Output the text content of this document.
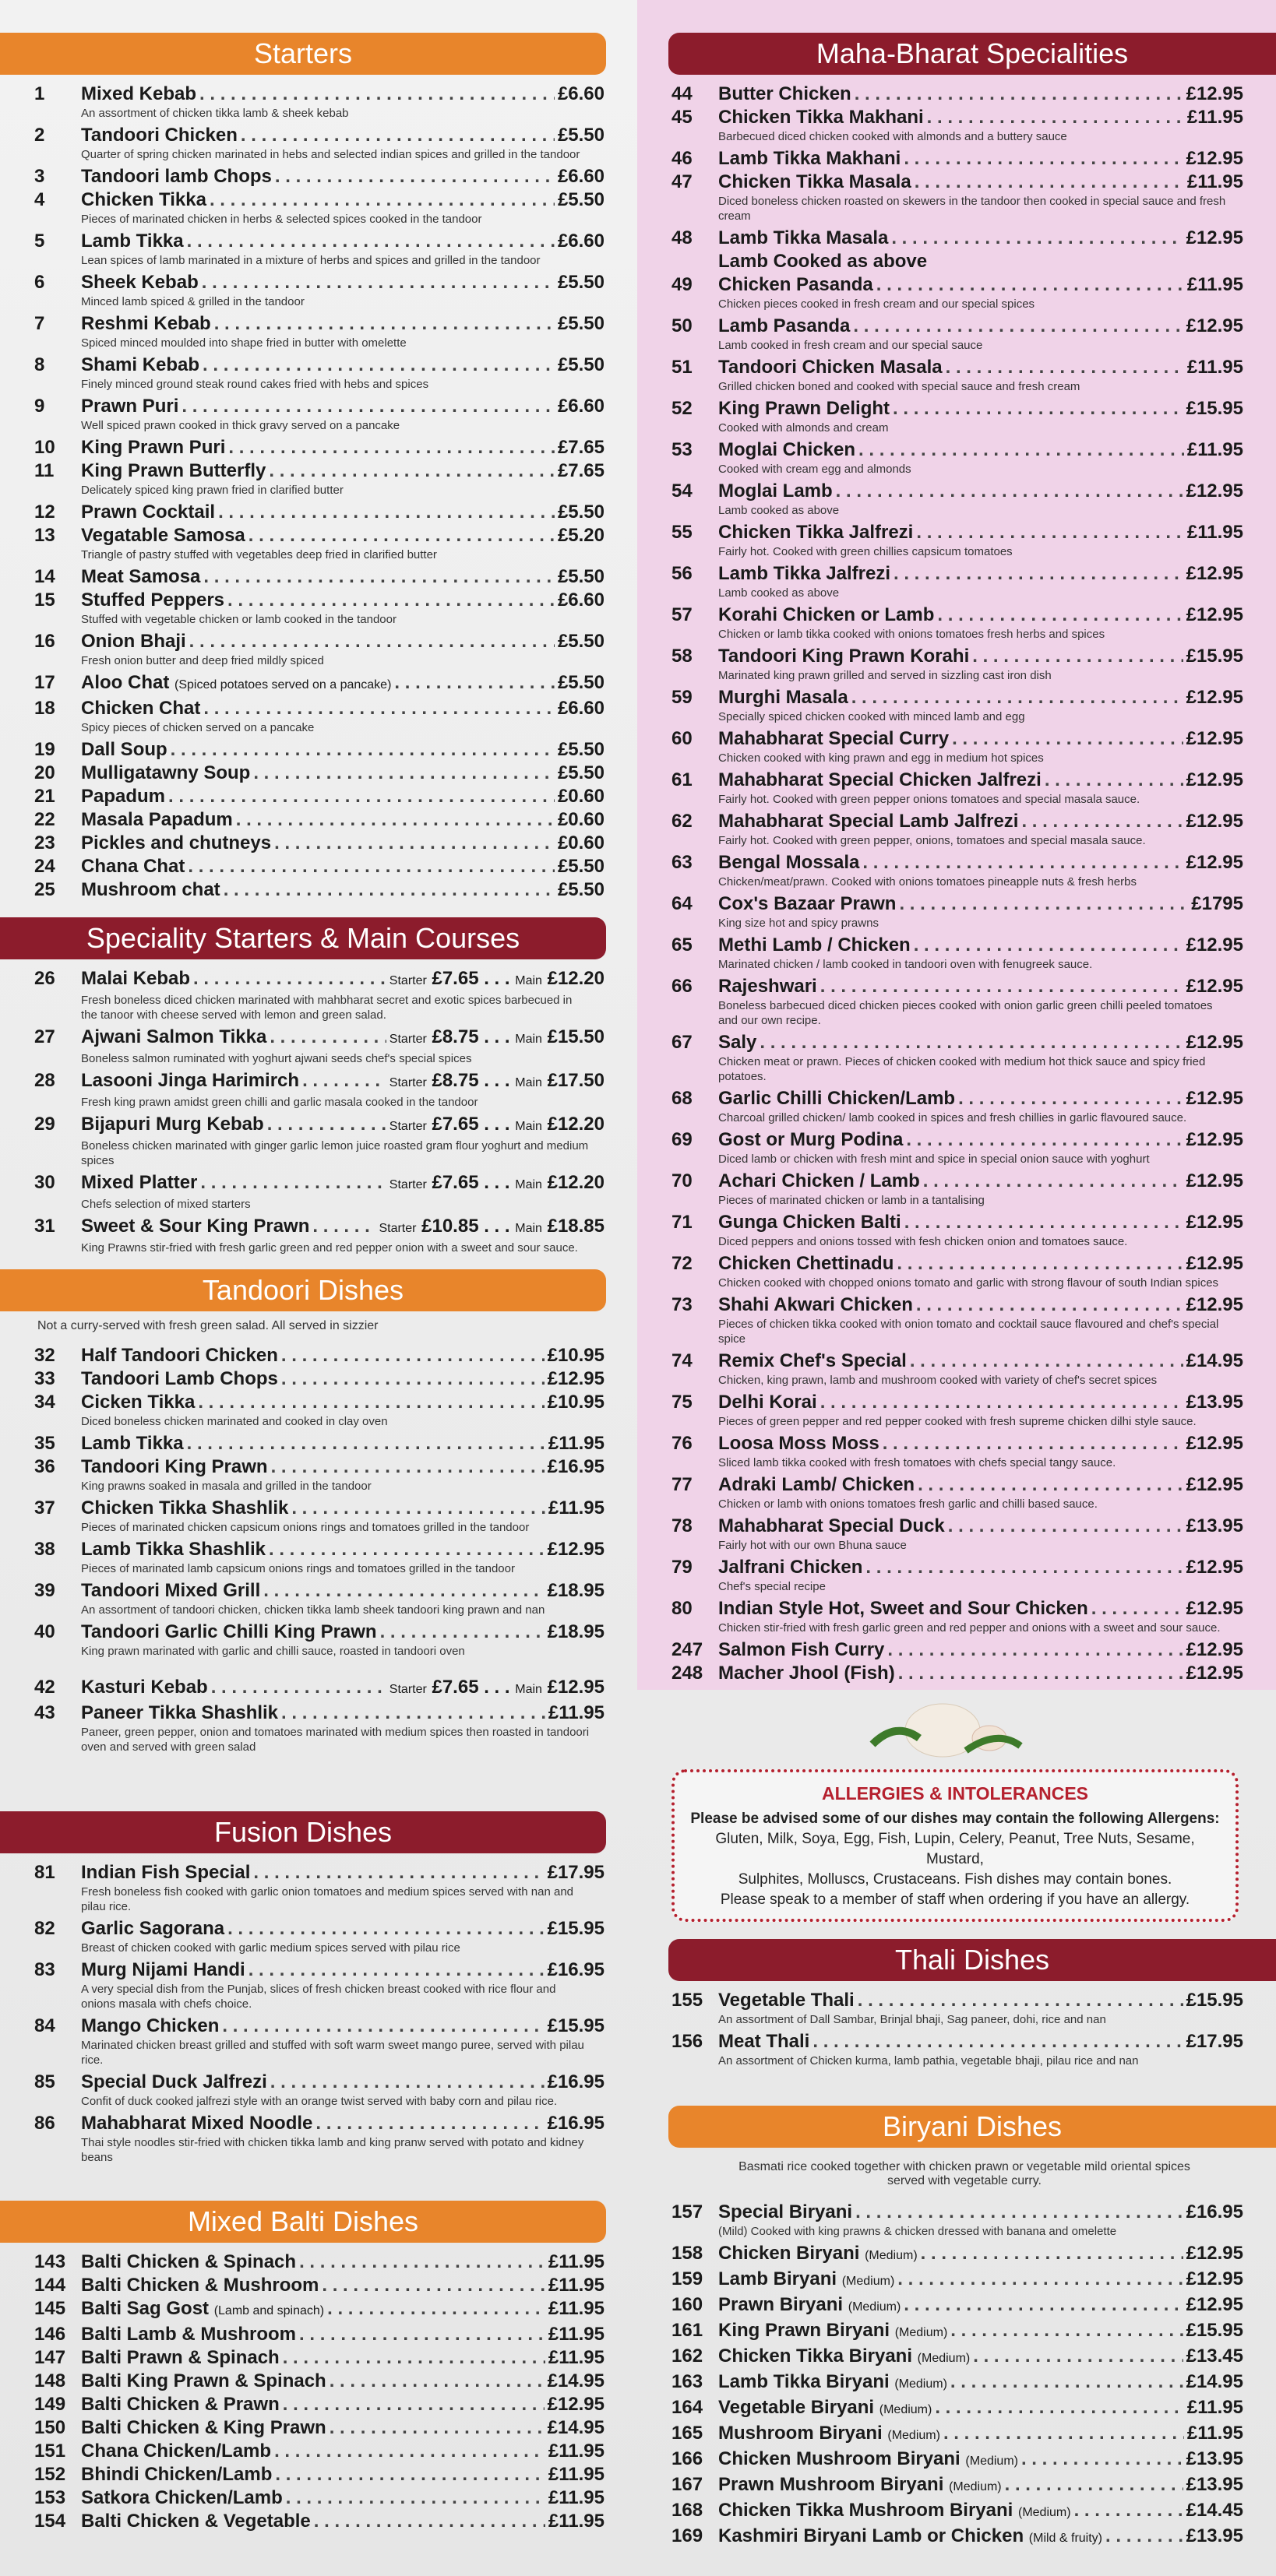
Starters
1	Mixed Kebab . . .	£6.60
An assortment of chicken tikka lamb & sheek kebab
2	Tandoori Chicken . . .	£5.50
Quarter of spring chicken marinated in hebs and selected indian spices and grilled in the tandoor
3	Tandoori lamb Chops . . .	£6.60
4	Chicken Tikka . . .	£5.50
Pieces of marinated chicken in herbs & selected spices cooked in the tandoor
5	Lamb Tikka . . .	£6.60
Lean spices of lamb marinated in a mixture of herbs and spices and grilled in the tandoor
6	Sheek Kebab . . .	£5.50
Minced lamb spiced & grilled in the tandoor
7	Reshmi Kebab . . .	£5.50
Spiced minced moulded into shape fried in butter with omelette
8	Shami Kebab . . .	£5.50
Finely minced ground steak round cakes fried with hebs and spices
9	Prawn Puri . . .	£6.60
Well spiced prawn cooked in thick gravy served on a pancake
10	King Prawn Puri . . .	£7.65
11	King Prawn Butterfly . . .	£7.65
Delicately spiced king prawn fried in clarified butter
12	Prawn Cocktail . . .	£5.50
13	Vegatable Samosa . . .	£5.20
Triangle of pastry stuffed with vegetables deep fried in clarified butter
14	Meat Samosa . . .	£5.50
15	Stuffed Peppers . . .	£6.60
Stuffed with vegetable chicken or lamb cooked in the tandoor
16	Onion Bhaji . . .	£5.50
Fresh onion butter and deep fried mildly spiced
17	Aloo Chat (Spiced potatoes served on a pancake) . . .	£5.50
18	Chicken Chat . . .	£6.60
Spicy pieces of chicken served on a pancake
19	Dall Soup . . .	£5.50
20	Mulligatawny Soup . . .	£5.50
21	Papadum . . .	£0.60
22	Masala Papadum . . .	£0.60
23	Pickles and chutneys . . .	£0.60
24	Chana Chat . . .	£5.50
25	Mushroom chat . . .	£5.50
Speciality Starters & Main Courses
26	Malai Kebab . . .	Starter £7.65 . . . Main £12.20
Fresh boneless diced chicken marinated with mahbharat secret and exotic spices barbecued in the tanoor with cheese served with lemon and green salad.
27	Ajwani Salmon Tikka . . .	Starter £8.75 . . . Main £15.50
Boneless salmon ruminated with yoghurt ajwani seeds chef's special spices
28	Lasooni Jinga Harimirch . . .	Starter £8.75 . . . Main £17.50
Fresh king prawn amidst green chilli and garlic masala cooked in the tandoor
29	Bijapuri Murg Kebab . . .	Starter £7.65 . . . Main £12.20
Boneless chicken marinated with ginger garlic lemon juice roasted gram flour yoghurt and medium spices
30	Mixed Platter . . .	Starter £7.65 . . . Main £12.20
Chefs selection of mixed starters
31	Sweet & Sour King Prawn . . .	Starter £10.85 . . . Main £18.85
King Prawns stir-fried with fresh garlic green and red pepper onion with a sweet and sour sauce.
Tandoori Dishes
Not a curry-served with fresh green salad. All served in sizzier
32	Half Tandoori Chicken . . .	£10.95
33	Tandoori Lamb Chops . . .	£12.95
34	Cicken Tikka . . .	£10.95
Diced boneless chicken marinated and cooked in clay oven
35	Lamb Tikka . . .	£11.95
36	Tandoori King Prawn . . .	£16.95
King prawns soaked in masala and grilled in the tandoor
37	Chicken Tikka Shashlik . . .	£11.95
Pieces of marinated chicken capsicum onions rings and tomatoes grilled in the tandoor
38	Lamb Tikka Shashlik . . .	£12.95
Pieces of marinated lamb capsicum onions rings and tomatoes grilled in the tandoor
39	Tandoori Mixed Grill . . .	£18.95
An assortment of tandoori chicken, chicken tikka lamb sheek tandoori king prawn and nan
40	Tandoori Garlic Chilli King Prawn . . .	£18.95
King prawn marinated with garlic and chilli sauce, roasted in tandoori oven
42	Kasturi Kebab . . .	Starter £7.65 . . . Main £12.95
43	Paneer Tikka Shashlik . . .	£11.95
Paneer, green pepper, onion and tomatoes marinated with medium spices then roasted in tandoori oven and served with green salad
Fusion Dishes
81	Indian Fish Special . . .	£17.95
Fresh boneless fish cooked with garlic onion tomatoes and medium spices served with nan and pilau rice.
82	Garlic Sagorana . . .	£15.95
Breast of chicken cooked with garlic medium spices served with pilau rice
83	Murg Nijami Handi . . .	£16.95
A very special dish from the Punjab, slices of fresh chicken breast cooked with rice flour and onions masala with chefs choice.
84	Mango Chicken . . .	£15.95
Marinated chicken breast grilled and stuffed with soft warm sweet mango puree, served with pilau rice.
85	Special Duck Jalfrezi . . .	£16.95
Confit of duck cooked jalfrezi style with an orange twist served with baby corn and pilau rice.
86	Mahabharat Mixed Noodle . . .	£16.95
Thai style noodles stir-fried with chicken tikka lamb and king pranw served with potato and kidney beans
Mixed Balti Dishes
143 Balti Chicken & Spinach . . .	£11.95
144 Balti Chicken & Mushroom . . .	£11.95
145 Balti Sag Gost (Lamb and spinach) . . .	£11.95
146 Balti Lamb & Mushroom . . .	£11.95
147 Balti Prawn & Spinach . . .	£11.95
148 Balti King Prawn & Spinach . . .	£14.95
149 Balti Chicken & Prawn . . .	£12.95
150 Balti Chicken & King Prawn . . .	£14.95
151 Chana Chicken/Lamb . . .	£11.95
152 Bhindi Chicken/Lamb . . .	£11.95
153 Satkora Chicken/Lamb . . .	£11.95
154 Balti Chicken & Vegetable . . .	£11.95
Maha-Bharat Specialities
44	Butter Chicken . . .	£12.95
45	Chicken Tikka Makhani . . .	£11.95
Barbecued diced chicken cooked with almonds and a buttery sauce
46	Lamb Tikka Makhani . . .	£12.95
47	Chicken Tikka Masala . . .	£11.95
Diced boneless chicken roasted on skewers in the tandoor then cooked in special sauce and fresh cream
48	Lamb Tikka Masala . . .	£12.95
Lamb Cooked as above
49	Chicken Pasanda . . .	£11.95
Chicken pieces cooked in fresh cream and our special spices
50	Lamb Pasanda . . .	£12.95
Lamb cooked in fresh cream and our special sauce
51	Tandoori Chicken Masala . . .	£11.95
Grilled chicken boned and cooked with special sauce and fresh cream
52	King Prawn Delight . . .	£15.95
Cooked with almonds and cream
53	Moglai Chicken . . .	£11.95
Cooked with cream egg and almonds
54	Moglai Lamb . . .	£12.95
Lamb cooked as above
55	Chicken Tikka Jalfrezi . . .	£11.95
Fairly hot. Cooked with green chillies capsicum tomatoes
56	Lamb Tikka Jalfrezi . . .	£12.95
Lamb cooked as above
57	Korahi Chicken or Lamb . . .	£12.95
Chicken or lamb tikka cooked with onions tomatoes fresh herbs and spices
58	Tandoori King Prawn Korahi . . .	£15.95
Marinated king prawn grilled and served in sizzling cast iron dish
59	Murghi Masala . . .	£12.95
Specially spiced chicken cooked with minced lamb and egg
60	Mahabharat Special Curry . . .	£12.95
Chicken cooked with king prawn and egg in medium hot spices
61	Mahabharat Special Chicken Jalfrezi . . .	£12.95
Fairly hot. Cooked with green pepper onions tomatoes and special masala sauce.
62	Mahabharat Special Lamb Jalfrezi . . .	£12.95
Fairly hot. Cooked with green pepper, onions, tomatoes and special masala sauce.
63	Bengal Mossala . . .	£12.95
Chicken/meat/prawn. Cooked with onions tomatoes pineapple nuts & fresh herbs
64	Cox's Bazaar Prawn . . .	£1795
King size hot and spicy prawns
65	Methi Lamb / Chicken . . .	£12.95
Marinated chicken / lamb cooked in tandoori oven with fenugreek sauce.
66	Rajeshwari . . .	£12.95
Boneless barbecued diced chicken pieces cooked with onion garlic green chilli peeled tomatoes and our own recipe.
67	Saly . . .	£12.95
Chicken meat or prawn. Pieces of chicken cooked with medium hot thick sauce and spicy fried potatoes.
68	Garlic Chilli Chicken/Lamb . . .	£12.95
Charcoal grilled chicken/ lamb cooked in spices and fresh chillies in garlic flavoured sauce.
69	Gost or Murg Podina . . .	£12.95
Diced lamb or chicken with fresh mint and spice in special onion sauce with yoghurt
70	Achari Chicken / Lamb . . .	£12.95
Pieces of marinated chicken or lamb in a tantalising
71	Gunga Chicken Balti . . .	£12.95
Diced peppers and onions tossed with fesh chicken onion and tomatoes sauce.
72	Chicken Chettinadu . . .	£12.95
Chicken cooked with chopped onions tomato and garlic with strong flavour of south Indian spices
73	Shahi Akwari Chicken . . .	£12.95
Pieces of chicken tikka cooked with onion tomato and cocktail sauce flavoured and chef's special spice
74	Remix Chef's Special . . .	£14.95
Chicken, king prawn, lamb and mushroom cooked with variety of chef's secret spices
75	Delhi Korai . . .	£13.95
Pieces of green pepper and red pepper cooked with fresh supreme chicken dilhi style sauce.
76	Loosa Moss Moss . . .	£12.95
Sliced lamb tikka cooked with fresh tomatoes with chefs special tangy sauce.
77	Adraki Lamb/ Chicken . . .	£12.95
Chicken or lamb with onions tomatoes fresh garlic and chilli based sauce.
78	Mahabharat Special Duck . . .	£13.95
Fairly hot with our own Bhuna sauce
79	Jalfrani Chicken . . .	£12.95
Chef's special recipe
80	Indian Style Hot, Sweet and Sour Chicken . . .	£12.95
Chicken stir-fried with fresh garlic green and red pepper and onions with a sweet and sour sauce.
247 Salmon Fish Curry . . .	£12.95
248 Macher Jhool (Fish) . . .	£12.95
Thali Dishes
155 Vegetable Thali . . .	£15.95
An assortment of Dall Sambar, Brinjal bhaji, Sag paneer, dohi, rice and nan
156 Meat Thali . . .	£17.95
An assortment of Chicken kurma, lamb pathia, vegetable bhaji, pilau rice and nan
Biryani Dishes
Basmati rice cooked together with chicken prawn or vegetable mild oriental spices
served with vegetable curry.
157 Special Biryani . . .	£16.95
(Mild) Cooked with king prawns & chicken dressed with banana and omelette
158 Chicken Biryani (Medium) . . .	£12.95
159 Lamb Biryani (Medium) . . .	£12.95
160 Prawn Biryani (Medium) . . .	£12.95
161 King Prawn Biryani (Medium) . . .	£15.95
162 Chicken Tikka Biryani (Medium) . . .	£13.45
163 Lamb Tikka Biryani (Medium) . . .	£14.95
164 Vegetable Biryani (Medium) . . .	£11.95
165 Mushroom Biryani (Medium) . . .	£11.95
166 Chicken Mushroom Biryani (Medium) . . .	£13.95
167 Prawn Mushroom Biryani (Medium) . . .	£13.95
168 Chicken Tikka Mushroom Biryani (Medium) . . .	£14.45
169 Kashmiri Biryani Lamb or Chicken (Mild & fruity) . . .	£13.95
ALLERGIES & INTOLERANCES

Please be advised some of our dishes may contain the following Allergens:

Gluten, Milk, Soya, Egg, Fish, Lupin, Celery, Peanut, Tree Nuts, Sesame, Mustard,

Sulphites, Molluscs, Crustaceans. Fish dishes may contain bones.

Please speak to a member of staff when ordering if you have an allergy.
